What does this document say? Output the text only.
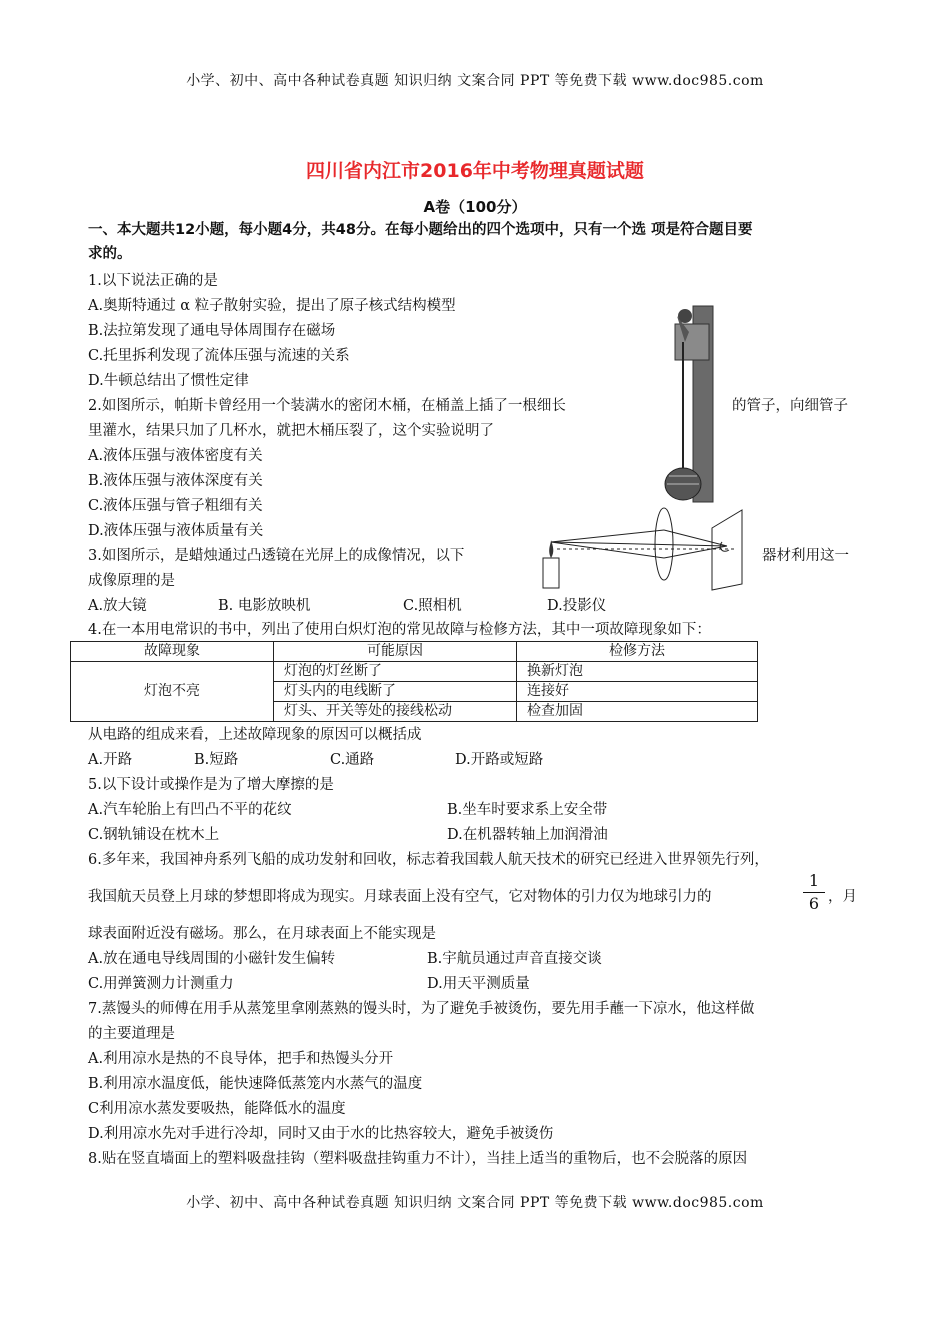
小学、初中、高中各种试卷真题 知识归纳 文案合同 PPT 等免费下载 www.doc985.com
四川省内江市2016年中考物理真题试题
A卷（100分）
一、本大题共12小题，每小题4分，共48分。在每小题给出的四个选项中，只有一个选 项是符合题目要
求的。
1.以下说法正确的是
A.奥斯特通过 α 粒子散射实验，提出了原子核式结构模型
B.法拉第发现了通电导体周围存在磁场
C.托里拆利发现了流体压强与流速的关系
D.牛顿总结出了惯性定律
2.如图所示，帕斯卡曾经用一个装满水的密闭木桶，在桶盖上插了一根细长	的管子，向细管子
里灌水，结果只加了几杯水，就把木桶压裂了，这个实验说明了
A.液体压强与液体密度有关
B.液体压强与液体深度有关
C.液体压强与管子粗细有关
D.液体压强与液体质量有关
3.如图所示，是蜡烛通过凸透镜在光屏上的成像情况，以下	器材利用这一
成像原理的是
A.放大镜	B. 电影放映机	C.照相机	D.投影仪
4.在一本用电常识的书中，列出了使用白炽灯泡的常见故障与检修方法，其中一项故障现象如下：
故障现象	可能原因	检修方法
灯泡不亮	灯泡的灯丝断了	换新灯泡
	灯头内的电线断了	连接好
	灯头、开关等处的接线松动	检查加固
从电路的组成来看，上述故障现象的原因可以概括成
A.开路	B.短路	C.通路	D.开路或短路
5.以下设计或操作是为了增大摩擦的是
A.汽车轮胎上有凹凸不平的花纹	B.坐车时要求系上安全带
C.钢轨铺设在枕木上	D.在机器转轴上加润滑油
6.多年来，我国神舟系列飞船的成功发射和回收，标志着我国载人航天技术的研究已经进入世界领先行列，
我国航天员登上月球的梦想即将成为现实。月球表面上没有空气，它对物体的引力仅为地球引力的
1
6 ，月
球表面附近没有磁场。那么，在月球表面上不能实现是
A.放在通电导线周围的小磁针发生偏转	B.宇航员通过声音直接交谈
C.用弹簧测力计测重力	D.用天平测质量
7.蒸馒头的师傅在用手从蒸笼里拿刚蒸熟的馒头时，为了避免手被烫伤，要先用手蘸一下凉水，他这样做
的主要道理是
A.利用凉水是热的不良导体，把手和热馒头分开
B.利用凉水温度低，能快速降低蒸笼内水蒸气的温度
C利用凉水蒸发要吸热，能降低水的温度
D.利用凉水先对手进行冷却，同时又由于水的比热容较大，避免手被烫伤
8.贴在竖直墙面上的塑料吸盘挂钩（塑料吸盘挂钩重力不计），当挂上适当的重物后，也不会脱落的原因
小学、初中、高中各种试卷真题 知识归纳 文案合同 PPT 等免费下载 www.doc985.com
